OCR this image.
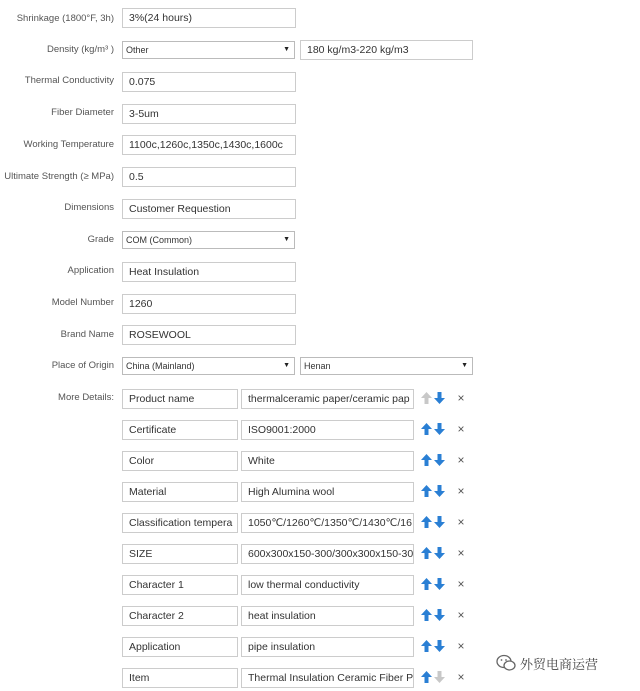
Shrinkage (1800°F, 3h)	3%(24 hours)
Density (kg/m³ )	Other	▼	180 kg/m3-220 kg/m3
Thermal Conductivity	0.075
Fiber Diameter	3-5um
Working Temperature	1100c,1260c,1350c,1430c,1600c
Ultimate Strength (≥ MPa)	0.5
Dimensions	Customer Requestion
Grade	COM (Common)	▼
Application	Heat Insulation
Model Number	1260
Brand Name	ROSEWOOL
Place of Origin	China (Mainland)	▼	Henan	▼
More Details:	Product name	thermalceramic paper/ceramic pap	×
Certificate	ISO9001:2000	×
Color	White	×
Material	High Alumina wool	×
Classification tempera	1050℃/1260℃/1350℃/1430℃/16	×
SIZE	600x300x150-300/300x300x150-30	×
Character 1	low thermal conductivity	×
Character 2	heat insulation	×
Application	pipe insulation	×
Item	Thermal Insulation Ceramic Fiber P	×
外贸电商运营
